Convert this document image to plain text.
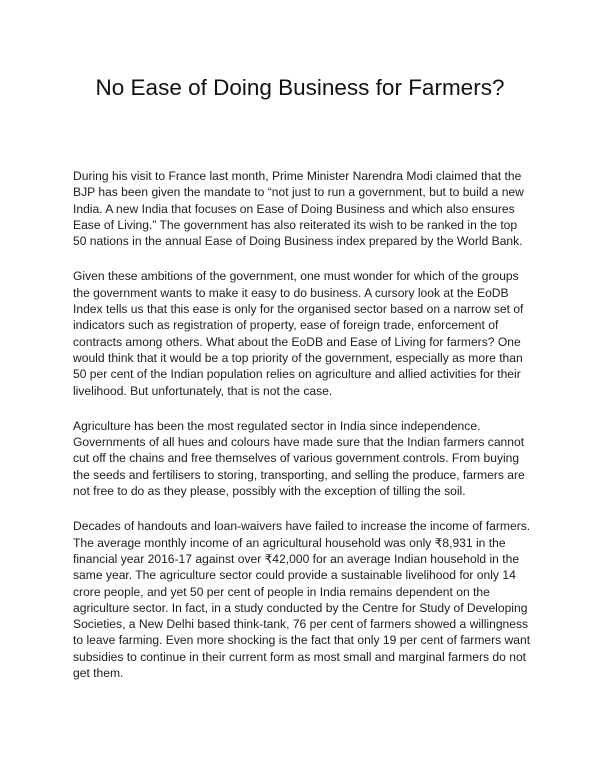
No Ease of Doing Business for Farmers?

During his visit to France last month, Prime Minister Narendra Modi claimed that the BJP has been given the mandate to “not just to run a government, but to build a new India. A new India that focuses on Ease of Doing Business and which also ensures Ease of Living.” The government has also reiterated its wish to be ranked in the top 50 nations in the annual Ease of Doing Business index prepared by the World Bank.

Given these ambitions of the government, one must wonder for which of the groups the government wants to make it easy to do business. A cursory look at the EoDB Index tells us that this ease is only for the organised sector based on a narrow set of indicators such as registration of property, ease of foreign trade, enforcement of contracts among others. What about the EoDB and Ease of Living for farmers? One would think that it would be a top priority of the government, especially as more than 50 per cent of the Indian population relies on agriculture and allied activities for their livelihood. But unfortunately, that is not the case.

Agriculture has been the most regulated sector in India since independence. Governments of all hues and colours have made sure that the Indian farmers cannot cut off the chains and free themselves of various government controls. From buying the seeds and fertilisers to storing, transporting, and selling the produce, farmers are not free to do as they please, possibly with the exception of tilling the soil.

Decades of handouts and loan-waivers have failed to increase the income of farmers. The average monthly income of an agricultural household was only ₹8,931 in the financial year 2016-17 against over ₹42,000 for an average Indian household in the same year. The agriculture sector could provide a sustainable livelihood for only 14 crore people, and yet 50 per cent of people in India remains dependent on the agriculture sector. In fact, in a study conducted by the Centre for Study of Developing Societies, a New Delhi based think-tank, 76 per cent of farmers showed a willingness to leave farming. Even more shocking is the fact that only 19 per cent of farmers want subsidies to continue in their current form as most small and marginal farmers do not get them.
